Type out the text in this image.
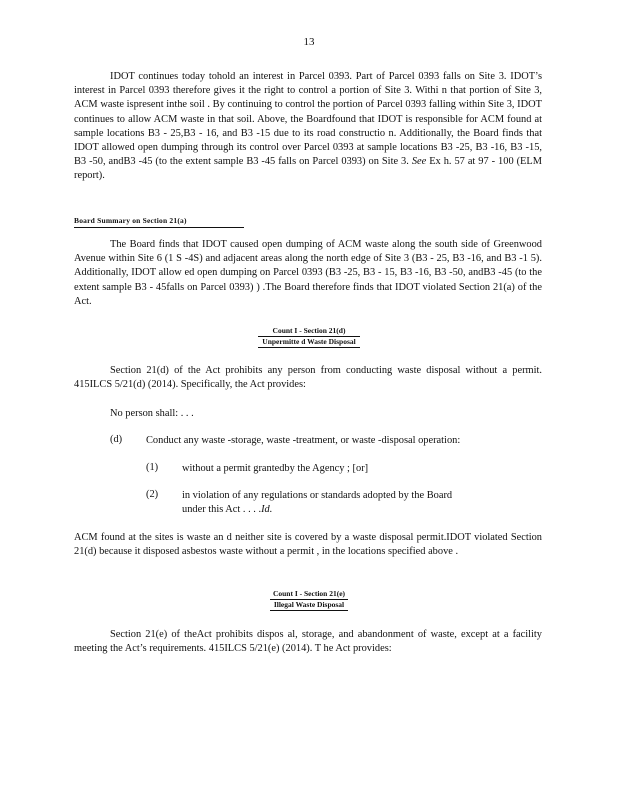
13

IDOT continues today tohold an interest in Parcel 0393. Part of Parcel 0393 falls on Site 3. IDOT’s interest in Parcel 0393 therefore gives it the right to control a portion of Site 3. Withi n that portion of Site 3, ACM waste ispresent inthe soil . By continuing to control the portion of Parcel 0393 falling within Site 3, IDOT continues to allow ACM waste in that soil. Above, the Boardfound that IDOT is responsible for ACM found at sample locations B3 - 25,B3 - 16, and B3 -15 due to its road constructio n. Additionally, the Board finds that IDOT allowed open dumping through its control over Parcel 0393 at sample locations B3 -25, B3 -16, B3 -15, B3 -50, andB3 -45 (to the extent sample B3 -45 falls on Parcel 0393) on Site 3. See Ex h. 57 at 97 - 100 (ELM report).

Board Summary on Section 21(a)

The Board finds that IDOT caused open dumping of ACM waste along the south side of Greenwood Avenue within Site 6 (1 S -4S) and adjacent areas along the north edge of Site 3 (B3 - 25, B3 -16, and B3 -1 5). Additionally, IDOT allow ed open dumping on Parcel 0393 (B3 -25, B3 - 15, B3 -16, B3 -50, andB3 -45 (to the extent sample B3 - 45falls on Parcel 0393) ) .The Board therefore finds that IDOT violated Section 21(a) of the Act.

Count I - Section 21(d)
Unpermitte d Waste Disposal

Section 21(d) of the Act prohibits any person from conducting waste disposal without a permit. 415ILCS 5/21(d) (2014). Specifically, the Act provides:

No person shall: . . .

(d) Conduct any waste -storage, waste -treatment, or waste -disposal operation:

(1) without a permit grantedby the Agency ; [or]

(2) in violation of any regulations or standards adopted by the Board

under this Act . . . .Id.

ACM found at the sites is waste an d neither site is covered by a waste disposal permit.IDOT violated Section 21(d) because it disposed asbestos waste without a permit , in the locations specified above .

Count I - Section 21(e)
Illegal Waste Disposal

Section 21(e) of theAct prohibits dispos al, storage, and abandonment of waste, except at a facility meeting the Act’s requirements. 415ILCS 5/21(e) (2014). T he Act provides:
